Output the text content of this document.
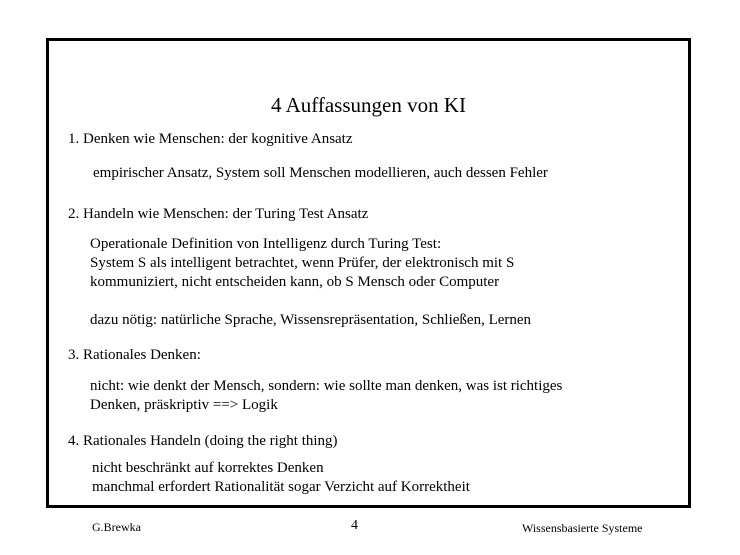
4 Auffassungen von KI
1. Denken wie Menschen: der kognitive Ansatz
empirischer Ansatz, System soll Menschen modellieren, auch dessen Fehler
2. Handeln wie Menschen: der Turing Test Ansatz
Operationale Definition von Intelligenz durch Turing Test:
System S als intelligent betrachtet, wenn Prüfer, der elektronisch mit S
kommuniziert, nicht entscheiden kann, ob S Mensch oder Computer
dazu nötig: natürliche Sprache, Wissensrepräsentation, Schließen, Lernen
3. Rationales Denken:
nicht: wie denkt der Mensch, sondern: wie sollte man denken, was ist richtiges
Denken, präskriptiv ==> Logik
4. Rationales Handeln (doing the right thing)
nicht beschränkt auf korrektes Denken
manchmal erfordert Rationalität sogar Verzicht auf Korrektheit
G.Brewka	4	Wissensbasierte Systeme
